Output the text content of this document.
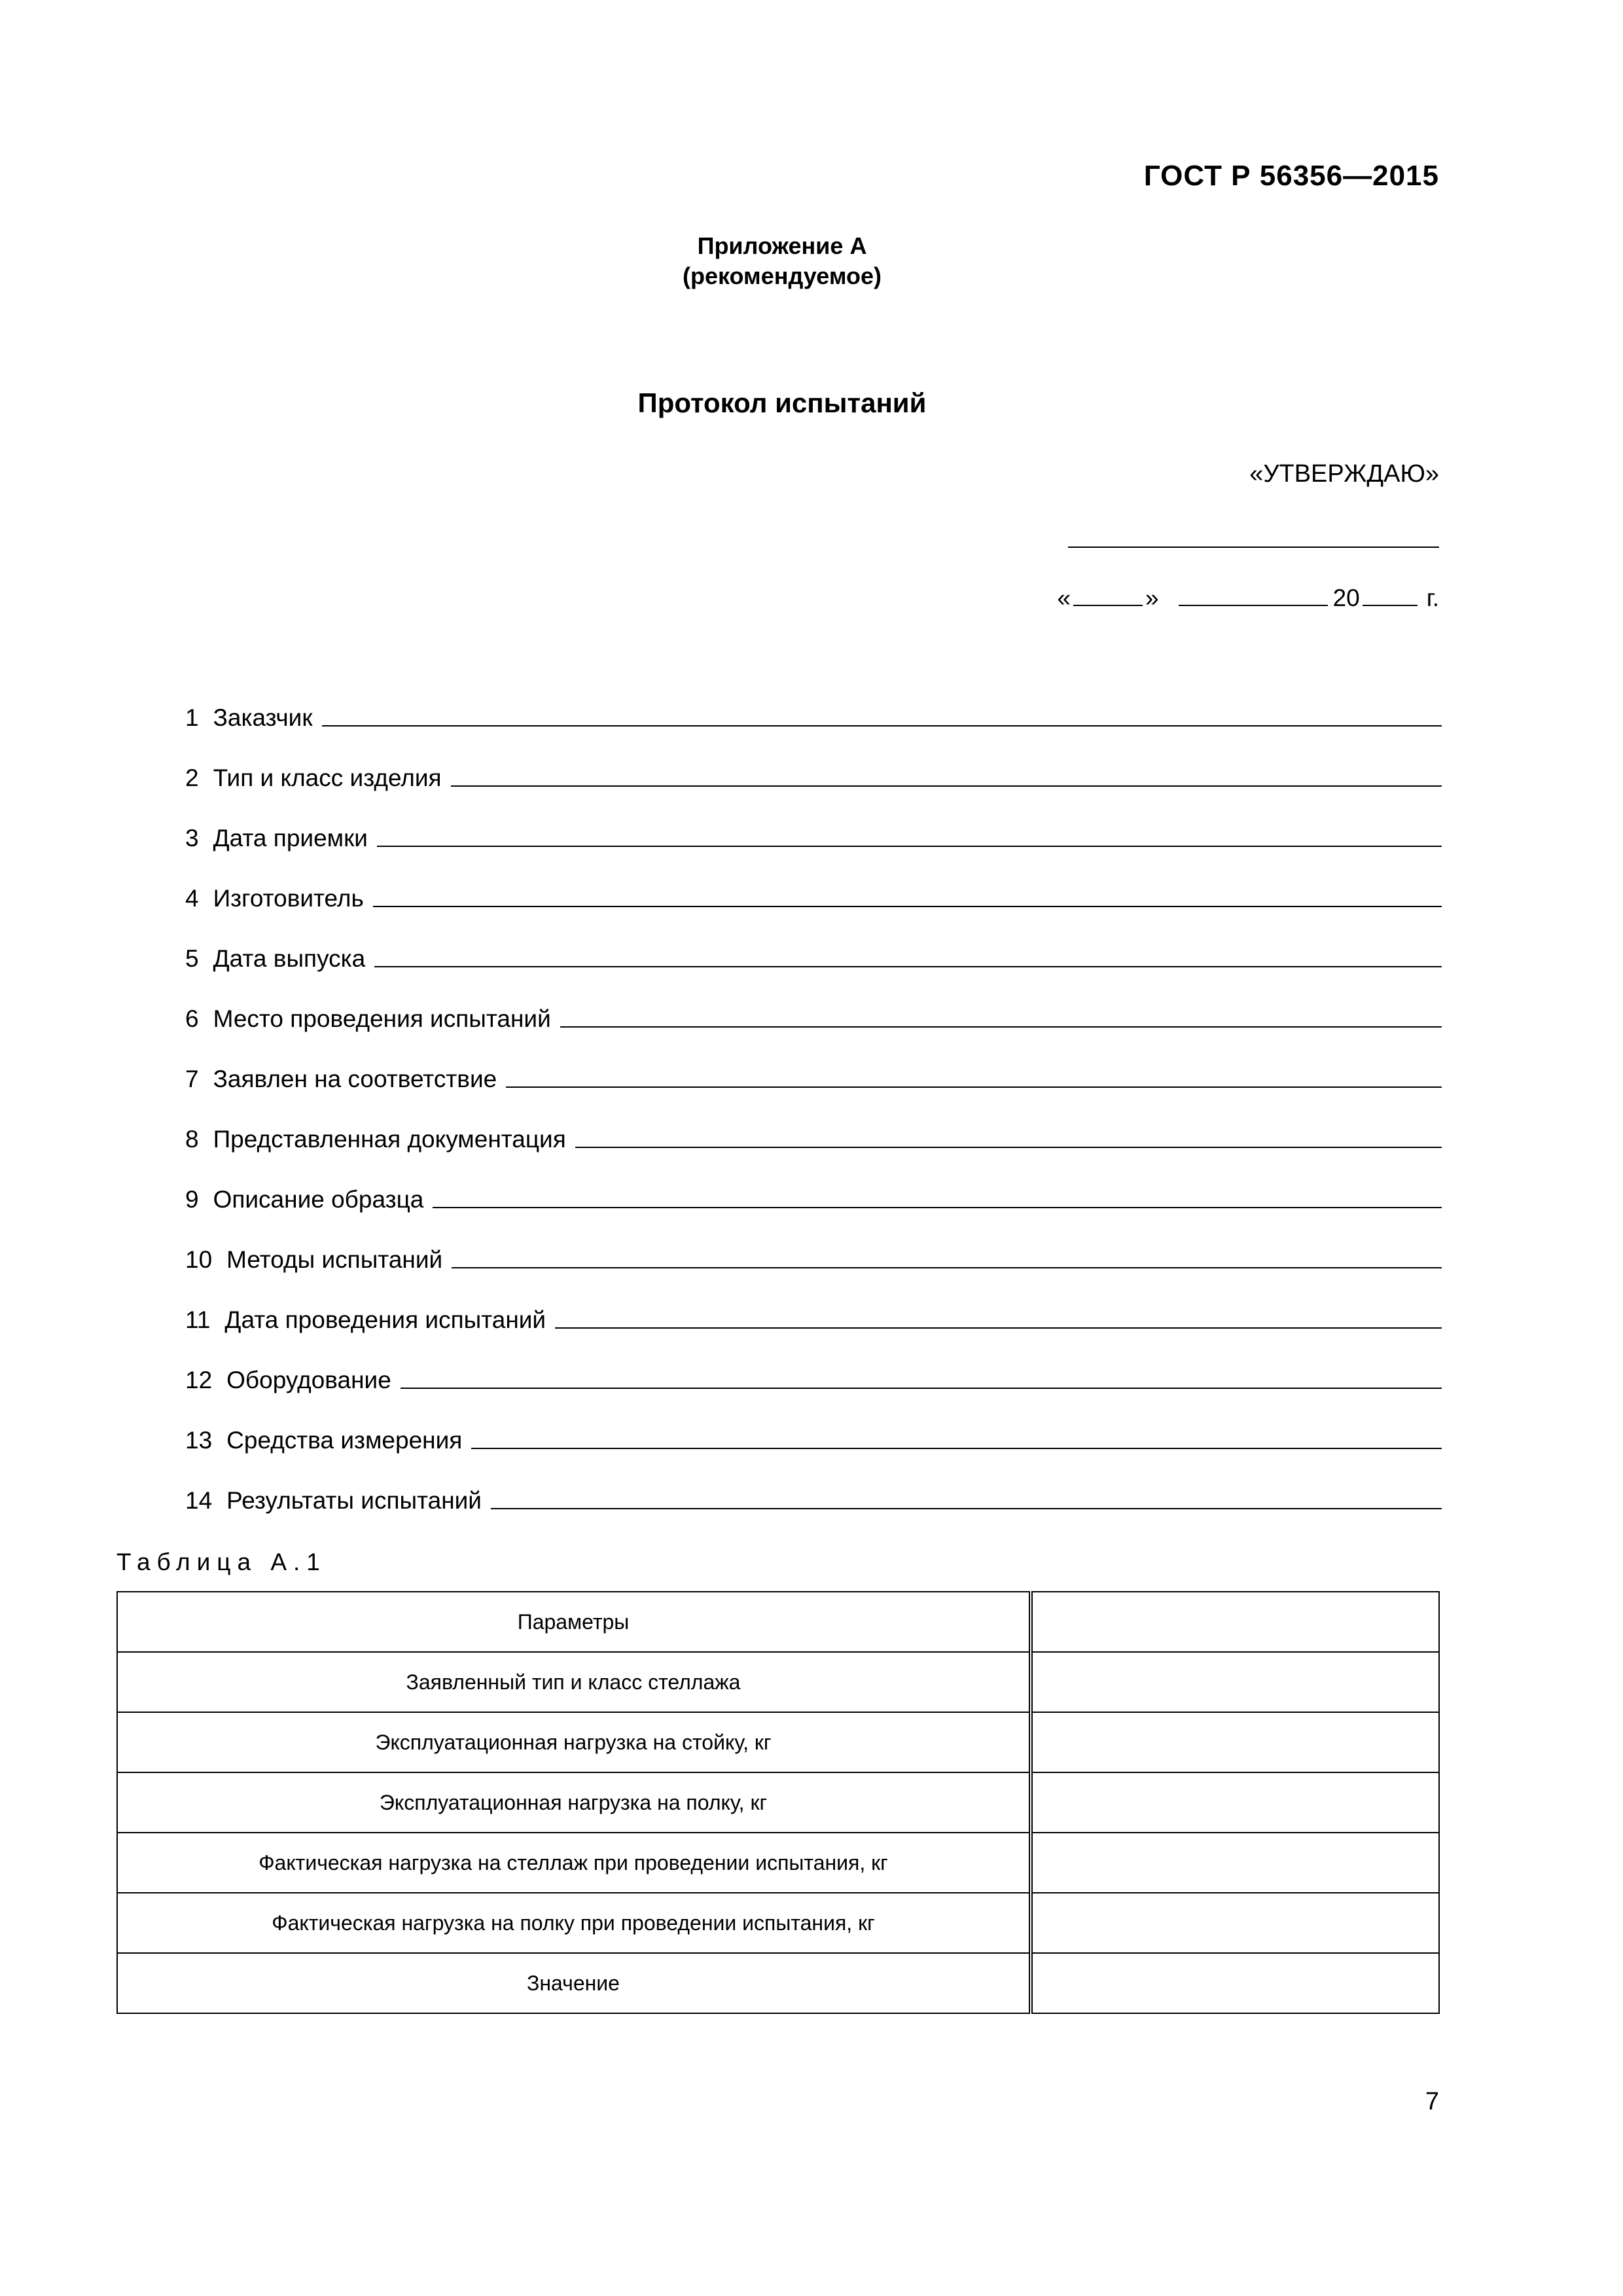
ГОСТ Р 56356—2015
Приложение А
(рекомендуемое)
Протокол испытаний
«УТВЕРЖДАЮ»
«	»	20	г.
1 Заказчик
2 Тип и класс изделия
3 Дата приемки
4 Изготовитель
5 Дата выпуска
6 Место проведения испытаний
7 Заявлен на соответствие
8 Представленная документация
9 Описание образца
10 Методы испытаний
11 Дата проведения испытаний
12 Оборудование
13 Средства измерения
14 Результаты испытаний
Таблица А.1
Параметры	
Заявленный тип и класс стеллажа	
Эксплуатационная нагрузка на стойку, кг	
Эксплуатационная нагрузка на полку, кг	
Фактическая нагрузка на стеллаж при проведении испытания, кг	
Фактическая нагрузка на полку при проведении испытания, кг	
Значение	
7
